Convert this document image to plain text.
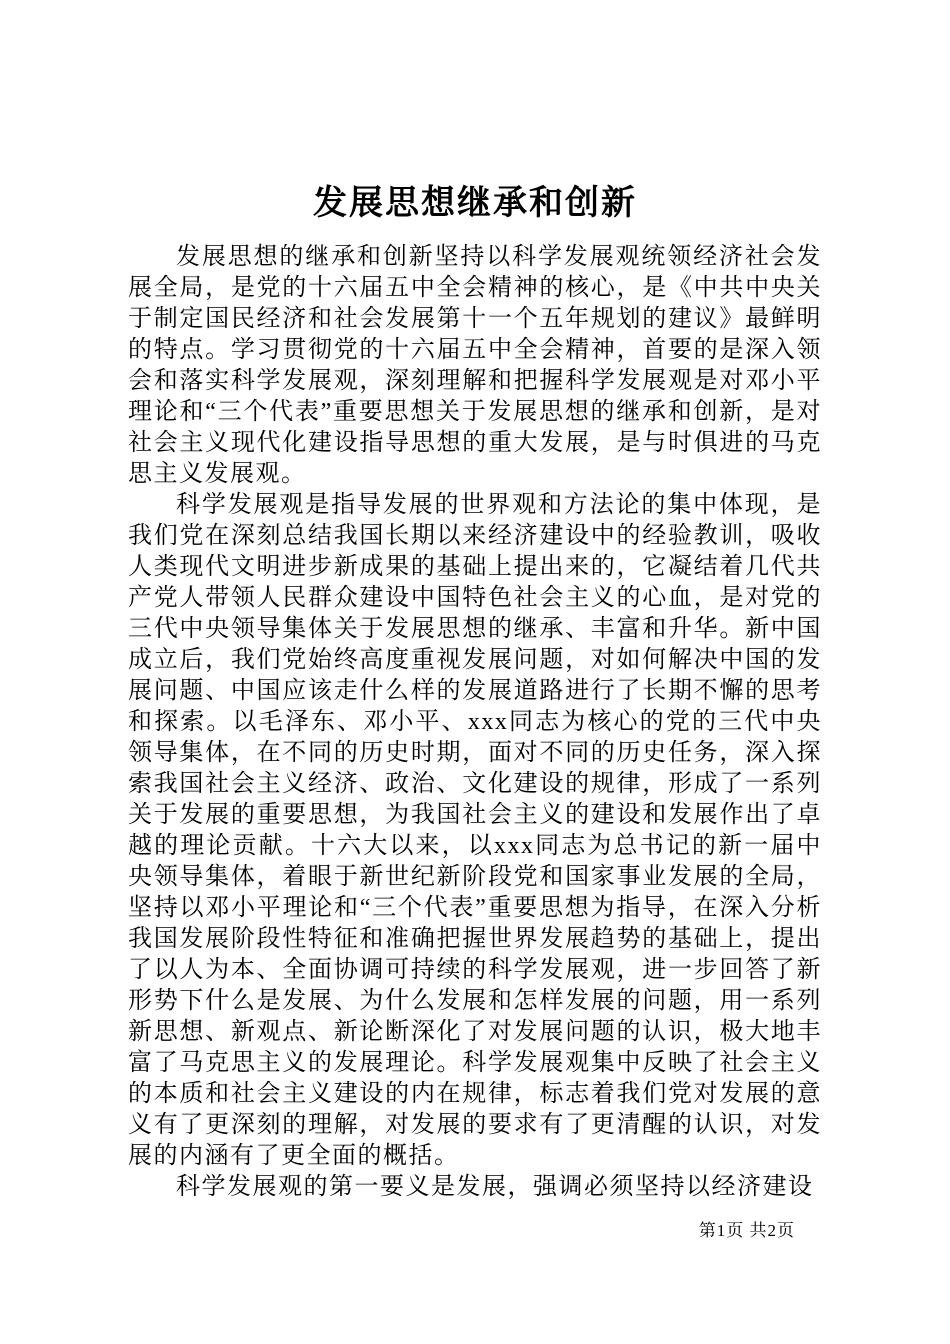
发展思想继承和创新

发展思想的继承和创新坚持以科学发展观统领经济社会发展全局，是党的十六届五中全会精神的核心，是《中共中央关于制定国民经济和社会发展第十一个五年规划的建议》最鲜明的特点。学习贯彻党的十六届五中全会精神，首要的是深入领会和落实科学发展观，深刻理解和把握科学发展观是对邓小平理论和“三个代表”重要思想关于发展思想的继承和创新，是对社会主义现代化建设指导思想的重大发展，是与时俱进的马克思主义发展观。

科学发展观是指导发展的世界观和方法论的集中体现，是我们党在深刻总结我国长期以来经济建设中的经验教训，吸收人类现代文明进步新成果的基础上提出来的，它凝结着几代共产党人带领人民群众建设中国特色社会主义的心血，是对党的三代中央领导集体关于发展思想的继承、丰富和升华。新中国成立后，我们党始终高度重视发展问题，对如何解决中国的发展问题、中国应该走什么样的发展道路进行了长期不懈的思考和探索。以毛泽东、邓小平、xxx同志为核心的党的三代中央领导集体，在不同的历史时期，面对不同的历史任务，深入探索我国社会主义经济、政治、文化建设的规律，形成了一系列关于发展的重要思想，为我国社会主义的建设和发展作出了卓越的理论贡献。十六大以来，以xxx同志为总书记的新一届中央领导集体，着眼于新世纪新阶段党和国家事业发展的全局，坚持以邓小平理论和“三个代表”重要思想为指导，在深入分析我国发展阶段性特征和准确把握世界发展趋势的基础上，提出了以人为本、全面协调可持续的科学发展观，进一步回答了新形势下什么是发展、为什么发展和怎样发展的问题，用一系列新思想、新观点、新论断深化了对发展问题的认识，极大地丰富了马克思主义的发展理论。科学发展观集中反映了社会主义的本质和社会主义建设的内在规律，标志着我们党对发展的意义有了更深刻的理解，对发展的要求有了更清醒的认识，对发展的内涵有了更全面的概括。

科学发展观的第一要义是发展，强调必须坚持以经济建设

第1页 共2页
